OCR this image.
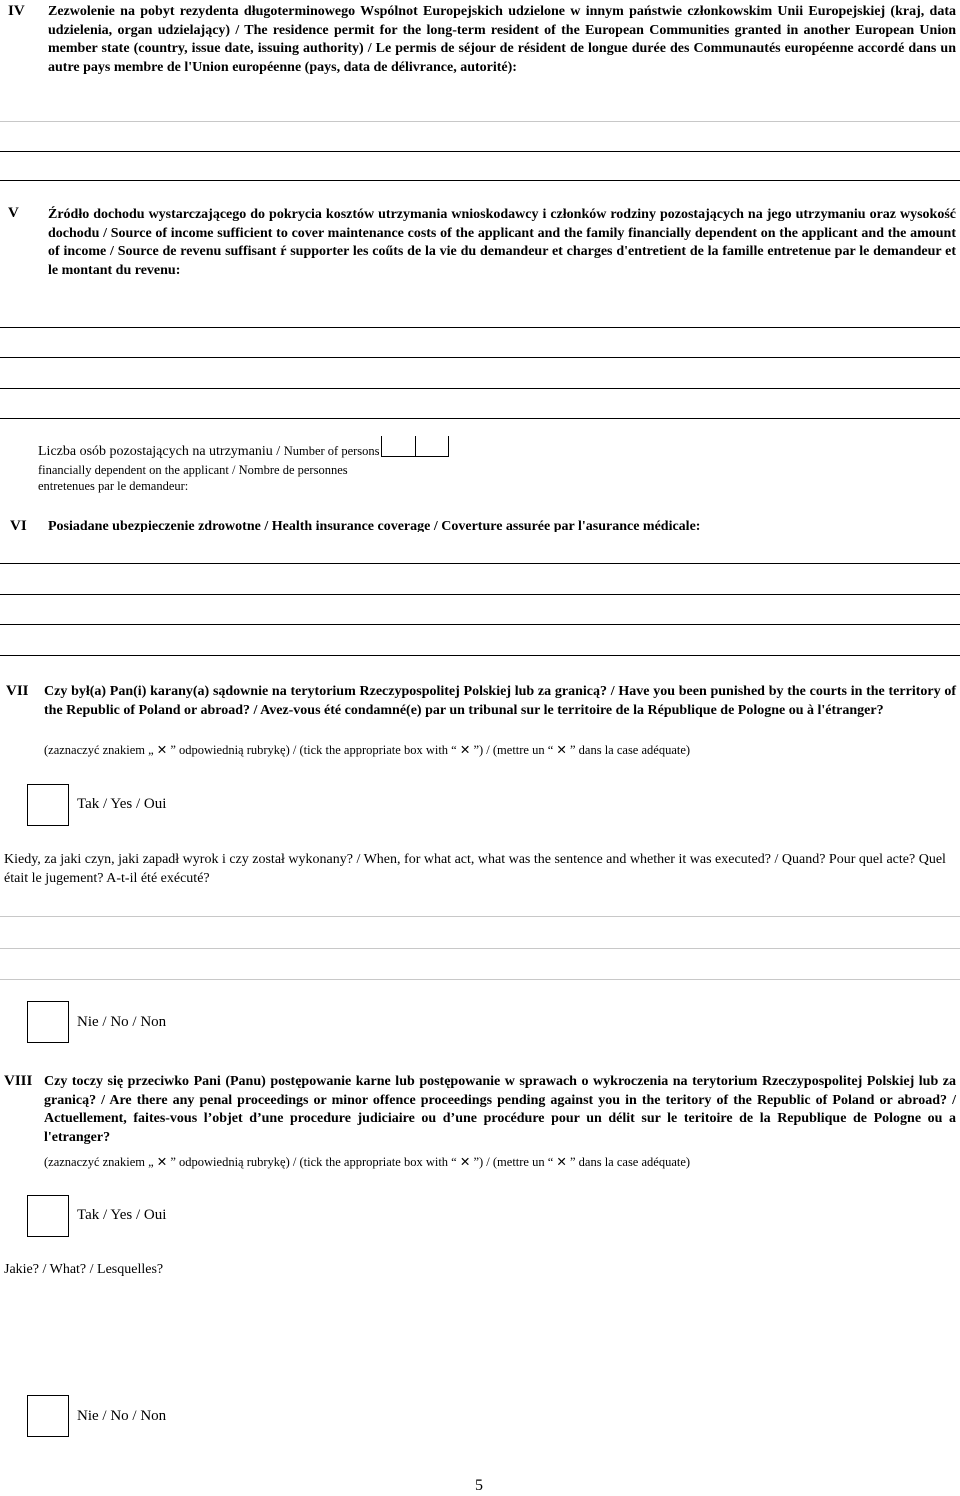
IV Zezwolenie na pobyt rezydenta długoterminowego Wspólnot Europejskich udzielone w innym państwie członkowskim Unii Europejskiej (kraj, data udzielenia, organ udzielający) / The residence permit for the long-term resident of the European Communities granted in another European Union member state (country, issue date, issuing authority) / Le permis de séjour de résident de longue durée des Communautés européenne accordé dans un autre pays membre de l'Union européenne (pays, data de délivrance, autorité):
V Źródło dochodu wystarczającego do pokrycia kosztów utrzymania wnioskodawcy i członków rodziny pozostających na jego utrzymaniu oraz wysokość dochodu / Source of income sufficient to cover maintenance costs of the applicant and the family financially dependent on the applicant and the amount of income / Source de revenu suffisant ŕ supporter les coűts de la vie du demandeur et charges d'entretient de la famille entretenue par le demandeur et le montant du revenu:
Liczba osób pozostających na utrzymaniu / Number of persons financially dependent on the applicant / Nombre de personnes entretenues par le demandeur:
VI Posiadane ubezpieczenie zdrowotne / Health insurance coverage / Coverture assurée par l'asurance médicale:
VII Czy był(a) Pan(i) karany(a) sądownie na terytorium Rzeczypospolitej Polskiej lub za granicą? / Have you been punished by the courts in the territory of the Republic of Poland or abroad? / Avez-vous été condamné(e) par un tribunal sur le territoire de la République de Pologne ou à l'étranger?
(zaznaczyć znakiem „ ✕ ” odpowiednią rubrykę) / (tick the appropriate box with “ ✕ ”) / (mettre un “ ✕ ” dans la case adéquate)
Tak / Yes / Oui
Kiedy, za jaki czyn, jaki zapadł wyrok i czy został wykonany? / When, for what act, what was the sentence and whether it was executed? / Quand? Pour quel acte? Quel était le jugement? A-t-il été exécuté?
Nie / No / Non
VIII Czy toczy się przeciwko Pani (Panu) postępowanie karne lub postępowanie w sprawach o wykroczenia na terytorium Rzeczypospolitej Polskiej lub za granicą? / Are there any penal proceedings or minor offence proceedings pending against you in the teritory of the Republic of Poland or abroad? / Actuellement, faites-vous l’objet d’une procedure judiciaire ou d’une procédure pour un délit sur le teritoire de la Republique de Pologne ou a l'etranger?
(zaznaczyć znakiem „ ✕ ” odpowiednią rubrykę) / (tick the appropriate box with “ ✕ ”) / (mettre un “ ✕ ” dans la case adéquate)
Tak / Yes / Oui
Jakie? / What? / Lesquelles?
Nie / No / Non
5
